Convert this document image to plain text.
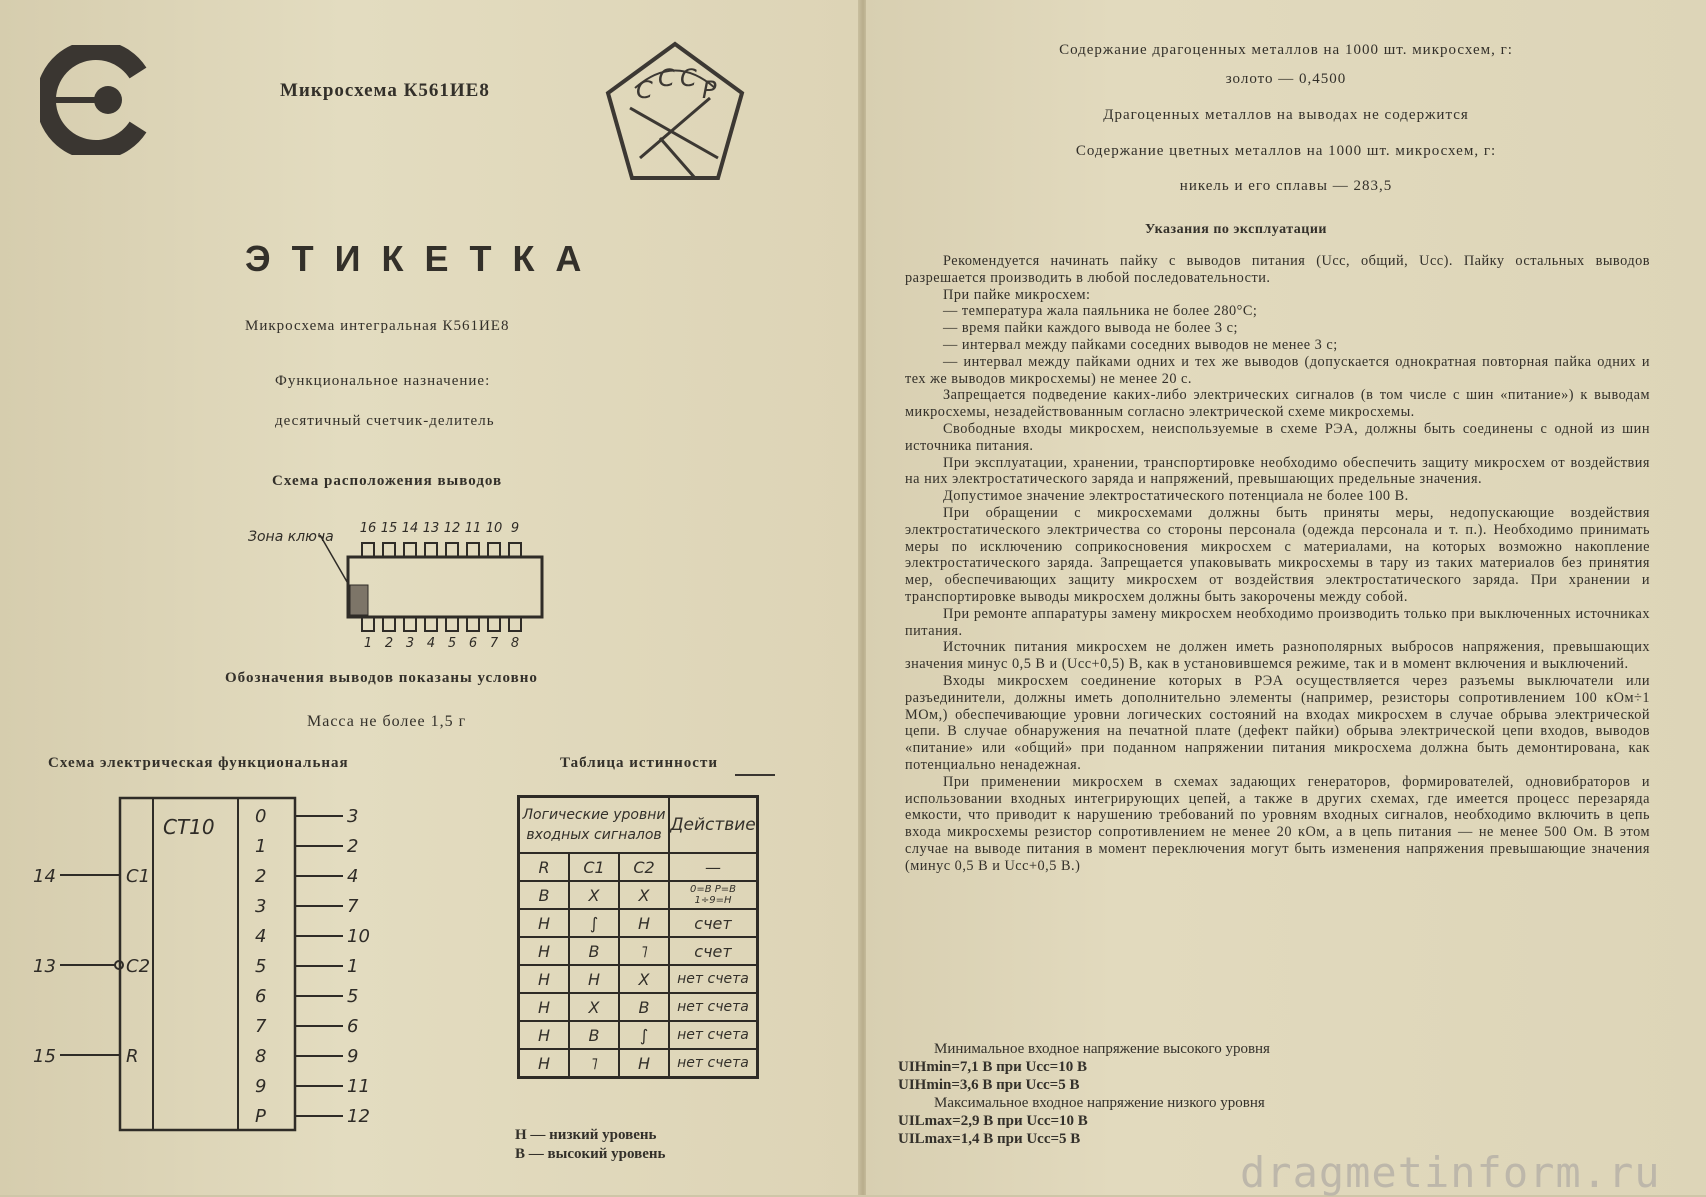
Микросхема К561ИЕ8	С С С Р
ЭТИКЕТКА
Микросхема интегральная К561ИЕ8
Функциональное назначение:
десятичный счетчик-делитель
Схема расположения выводов
Зона ключа
16 15 14 13 12 11 10 9
1 2 3 4 5 6 7 8
Обозначения выводов показаны условно
Масса не более 1,5 г
Схема электрическая функциональная	Таблица истинности
CT10
14
13
15
C1
C2
R
0	3
1	2
2	4
3	7
4	10
5	1
6	5
7	6
8	9
9	11
P	12
Логические уровни входных сигналов			Действие
R	C1	C2	—
В	Х	Х	0=В P=В 1÷9=Н
Н	∫	Н	счет
Н	В	˥	счет
Н	Н	Х	нет счета
Н	Х	В	нет счета
Н	В	∫	нет счета
Н	˥	Н	нет счета
Н — низкий уровень
В — высокий уровень
Содержание драгоценных металлов на 1000 шт. микросхем, г:
золото — 0,4500
Драгоценных металлов на выводах не содержится
Содержание цветных металлов на 1000 шт. микросхем, г:
никель и его сплавы — 283,5
Указания по эксплуатации

Рекомендуется начинать пайку с выводов питания (Ucc, общий, Ucc). Пайку остальных выводов разрешается производить в любой последовательности.

При пайке микросхем:

— температура жала паяльника не более 280°С;

— время пайки каждого вывода не более 3 с;

— интервал между пайками соседних выводов не менее 3 с;

— интервал между пайками одних и тех же выводов (допускается однократная повторная пайка одних и тех же выводов микросхемы) не менее 20 с.

Запрещается подведение каких-либо электрических сигналов (в том числе с шин «питание») к выводам микросхемы, незадействованным согласно электрической схеме микросхемы.

Свободные входы микросхем, неиспользуемые в схеме РЭА, должны быть соединены с одной из шин источника питания.

При эксплуатации, хранении, транспортировке необходимо обеспечить защиту микросхем от воздействия на них электростатического заряда и напряжений, превышающих предельные значения.

Допустимое значение электростатического потенциала не более 100 В.

При обращении с микросхемами должны быть приняты меры, недопускающие воздействия электростатического электричества со стороны персонала (одежда персонала и т. п.). Необходимо принимать меры по исключению соприкосновения микросхем с материалами, на которых возможно накопление электростатического заряда. Запрещается упаковывать микросхемы в тару из таких материалов без принятия мер, обеспечивающих защиту микросхем от воздействия электростатического заряда. При хранении и транспортировке выводы микросхем должны быть закорочены между собой.

При ремонте аппаратуры замену микросхем необходимо производить только при выключенных источниках питания.

Источник питания микросхем не должен иметь разнополярных выбросов напряжения, превышающих значения минус 0,5 В и (Ucc+0,5) В, как в установившемся режиме, так и в момент включения и выключений.

Входы микросхем соединение которых в РЭА осуществляется через разъемы выключатели или разъединители, должны иметь дополнительно элементы (например, резисторы сопротивлением 100 кОм÷1 МОм,) обеспечивающие уровни логических состояний на входах микросхем в случае обрыва электрической цепи. В случае обнаружения на печатной плате (дефект пайки) обрыва электрической цепи входов, выводов «питание» или «общий» при поданном напряжении питания микросхема должна быть демонтирована, как потенциально ненадежная.

При применении микросхем в схемах задающих генераторов, формирователей, одновибраторов и использовании входных интегрирующих цепей, а также в других схемах, где имеется процесс перезаряда емкости, что приводит к нарушению требований по уровням входных сигналов, необходимо включить в цепь входа микросхемы резистор сопротивлением не менее 20 кОм, а в цепь питания — не менее 500 Ом. В этом случае на выводе питания в момент переключения могут быть изменения напряжения превышающие значения (минус 0,5 В и Ucc+0,5 В.)

Минимальное входное напряжение высокого уровня
UIHmin=7,1 В при Ucc=10 В
UIHmin=3,6 В при Ucc=5 В
Максимальное входное напряжение низкого уровня
UILmax=2,9 В при Ucc=10 В
UILmax=1,4 В при Ucc=5 В
dragmetinform.ru
